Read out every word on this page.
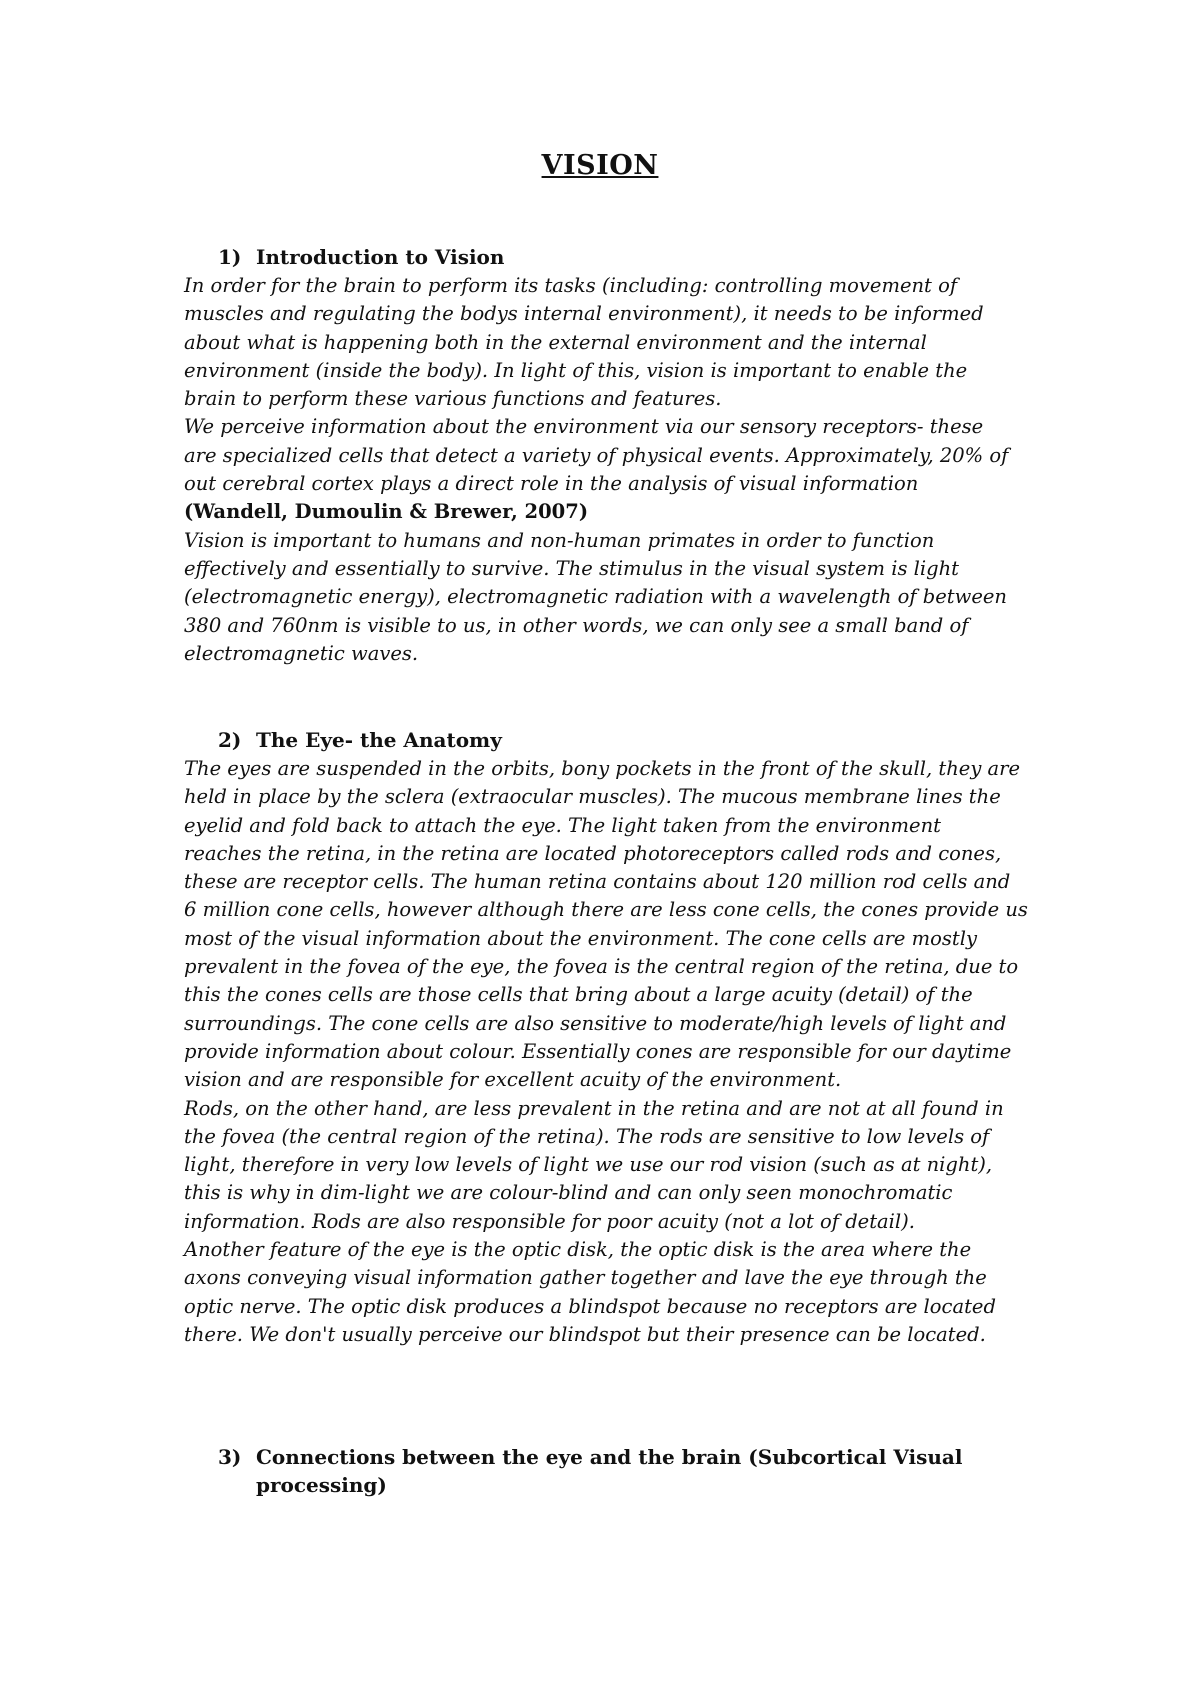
VISION
1) Introduction to Vision
In order for the brain to perform its tasks (including: controlling movement of
muscles and regulating the bodys internal environment), it needs to be informed
about what is happening both in the external environment and the internal
environment (inside the body). In light of this, vision is important to enable the
brain to perform these various functions and features.
We perceive information about the environment via our sensory receptors- these
are specialized cells that detect a variety of physical events. Approximately, 20% of
out cerebral cortex plays a direct role in the analysis of visual information
(Wandell, Dumoulin & Brewer, 2007)
Vision is important to humans and non-human primates in order to function
effectively and essentially to survive. The stimulus in the visual system is light
(electromagnetic energy), electromagnetic radiation with a wavelength of between
380 and 760nm is visible to us, in other words, we can only see a small band of
electromagnetic waves.
2) The Eye- the Anatomy
The eyes are suspended in the orbits, bony pockets in the front of the skull, they are
held in place by the sclera (extraocular muscles). The mucous membrane lines the
eyelid and fold back to attach the eye. The light taken from the environment
reaches the retina, in the retina are located photoreceptors called rods and cones,
these are receptor cells. The human retina contains about 120 million rod cells and
6 million cone cells, however although there are less cone cells, the cones provide us
most of the visual information about the environment. The cone cells are mostly
prevalent in the fovea of the eye, the fovea is the central region of the retina, due to
this the cones cells are those cells that bring about a large acuity (detail) of the
surroundings. The cone cells are also sensitive to moderate/high levels of light and
provide information about colour. Essentially cones are responsible for our daytime
vision and are responsible for excellent acuity of the environment.
Rods, on the other hand, are less prevalent in the retina and are not at all found in
the fovea (the central region of the retina). The rods are sensitive to low levels of
light, therefore in very low levels of light we use our rod vision (such as at night),
this is why in dim-light we are colour-blind and can only seen monochromatic
information. Rods are also responsible for poor acuity (not a lot of detail).
Another feature of the eye is the optic disk, the optic disk is the area where the
axons conveying visual information gather together and lave the eye through the
optic nerve. The optic disk produces a blindspot because no receptors are located
there. We don't usually perceive our blindspot but their presence can be located.
3) Connections between the eye and the brain (Subcortical Visual
processing)
